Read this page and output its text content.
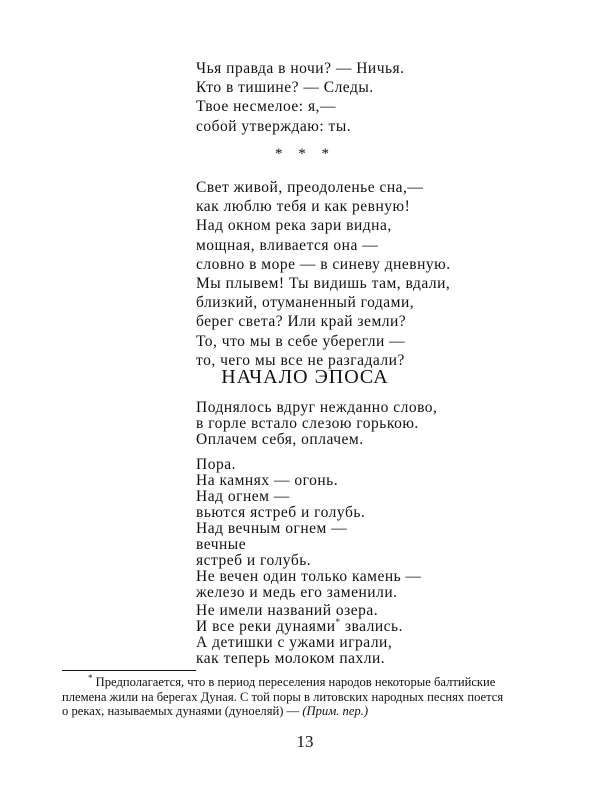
Чья правда в ночи? — Ничья.
Кто в тишине? — Следы.
Твое несмелое: я,—
собой утверждаю: ты.
* * *
Свет живой, преодоленье сна,—
как люблю тебя и как ревную!
Над окном река зари видна,
мощная, вливается она —
словно в море — в синеву дневную.
Мы плывем! Ты видишь там, вдали,
близкий, отуманенный годами,
берег света? Или край земли?
То, что мы в себе уберегли —
то, чего мы все не разгадали?
НАЧАЛО ЭПОСА
Поднялось вдруг нежданно слово,
в горле встало слезою горькою.
Оплачем себя, оплачем.
Пора.
На камнях — огонь.
Над огнем —
вьются ястреб и голубь.
Над вечным огнем —
вечные
ястреб и голубь.
Не вечен один только камень —
железо и медь его заменили.
Не имели названий озера.
И все реки дунаями* звались.
А детишки с ужами играли,
как теперь молоком пахли.
* Предполагается, что в период переселения народов некоторые балтийские
племена жили на берегах Дуная. С той поры в литовских народных песнях поется
о реках, называемых дунаями (дуноеляй) — (Прим. пер.)
13
